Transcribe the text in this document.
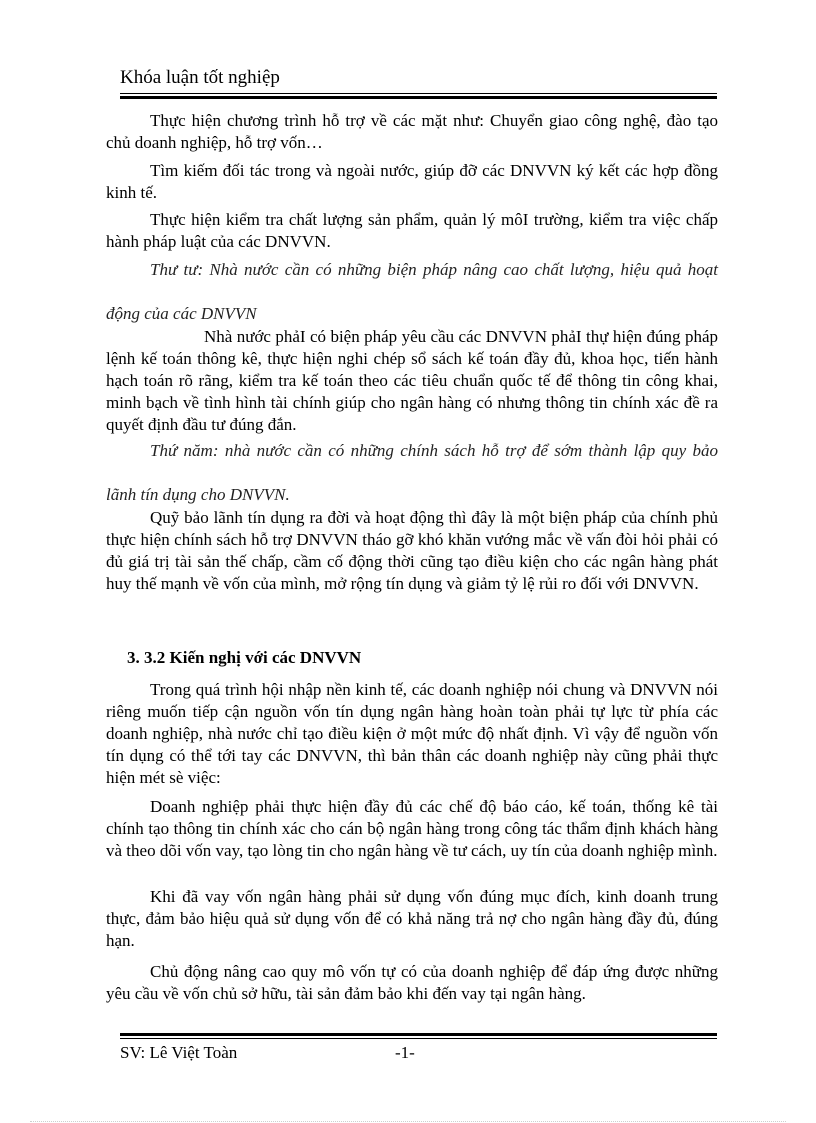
Khóa luận tốt nghiệp
Thực hiện chương trình hỗ trợ về các mặt như: Chuyển giao công nghệ, đào tạo chủ doanh nghiệp, hỗ trợ vốn…
Tìm kiếm đối tác trong và ngoài nước, giúp đỡ các DNVVN ký kết các hợp đồng kinh tế.
Thực hiện kiểm tra chất lượng sản phẩm, quản lý môI trường, kiểm tra việc chấp hành pháp luật của các DNVVN.
Thư tư: Nhà nước cần có những biện pháp nâng cao chất lượng, hiệu quả hoạt động của các DNVVN
Nhà nước phảI có biện pháp yêu cầu các DNVVN phảI thự hiện đúng pháp lệnh kế toán thông kê, thực hiện nghi chép sổ sách kế toán đầy đủ, khoa học, tiến hành hạch toán rõ rãng, kiểm tra kế toán theo các tiêu chuẩn quốc tế để thông tin công khai, minh bạch về tình hình tài chính giúp cho ngân hàng có nhưng thông tin chính xác đề ra quyết định đầu tư đúng đắn.
Thứ năm: nhà nước cần có những chính sách hỗ trợ để sớm thành lập quy bảo lãnh tín dụng cho DNVVN.
Quỹ bảo lãnh tín dụng ra đời và hoạt động thì đây là một biện pháp của chính phủ thực hiện chính sách hỗ trợ DNVVN tháo gỡ khó khăn vướng mắc về vấn đòi hỏi phải có đủ giá trị tài sản thế chấp, cầm cố động thời cũng tạo điều kiện cho các ngân hàng phát huy thế mạnh về vốn của mình, mở rộng tín dụng và giảm tỷ lệ rủi ro đối với DNVVN.
3. 3.2 Kiến nghị với các DNVVN
Trong quá trình hội nhập nền kinh tế, các doanh nghiệp nói chung và DNVVN nói riêng muốn tiếp cận nguồn vốn tín dụng ngân hàng hoàn toàn phải tự lực từ phía các doanh nghiệp, nhà nước chỉ tạo điều kiện ở một mức độ nhất định. Vì vậy để nguồn vốn tín dụng có thể tới tay các DNVVN, thì bản thân các doanh nghiệp này cũng phải thực hiện mét sè việc:
Doanh nghiệp phải thực hiện đầy đủ các chế độ báo cáo, kế toán, thống kê tài chính tạo thông tin chính xác cho cán bộ ngân hàng trong công tác thẩm định khách hàng và theo dõi vốn vay, tạo lòng tin cho ngân hàng về tư cách, uy tín của doanh nghiệp mình.
Khi đã vay vốn ngân hàng phải sử dụng vốn đúng mục đích, kinh doanh trung thực, đảm bảo hiệu quả sử dụng vốn để có khả năng trả nợ cho ngân hàng đầy đủ, đúng hạn.
Chủ động nâng cao quy mô vốn tự có của doanh nghiệp để đáp ứng được những yêu cầu về vốn chủ sở hữu, tài sản đảm bảo khi đến vay tại ngân hàng.
SV: Lê Việt Toàn	-1-
